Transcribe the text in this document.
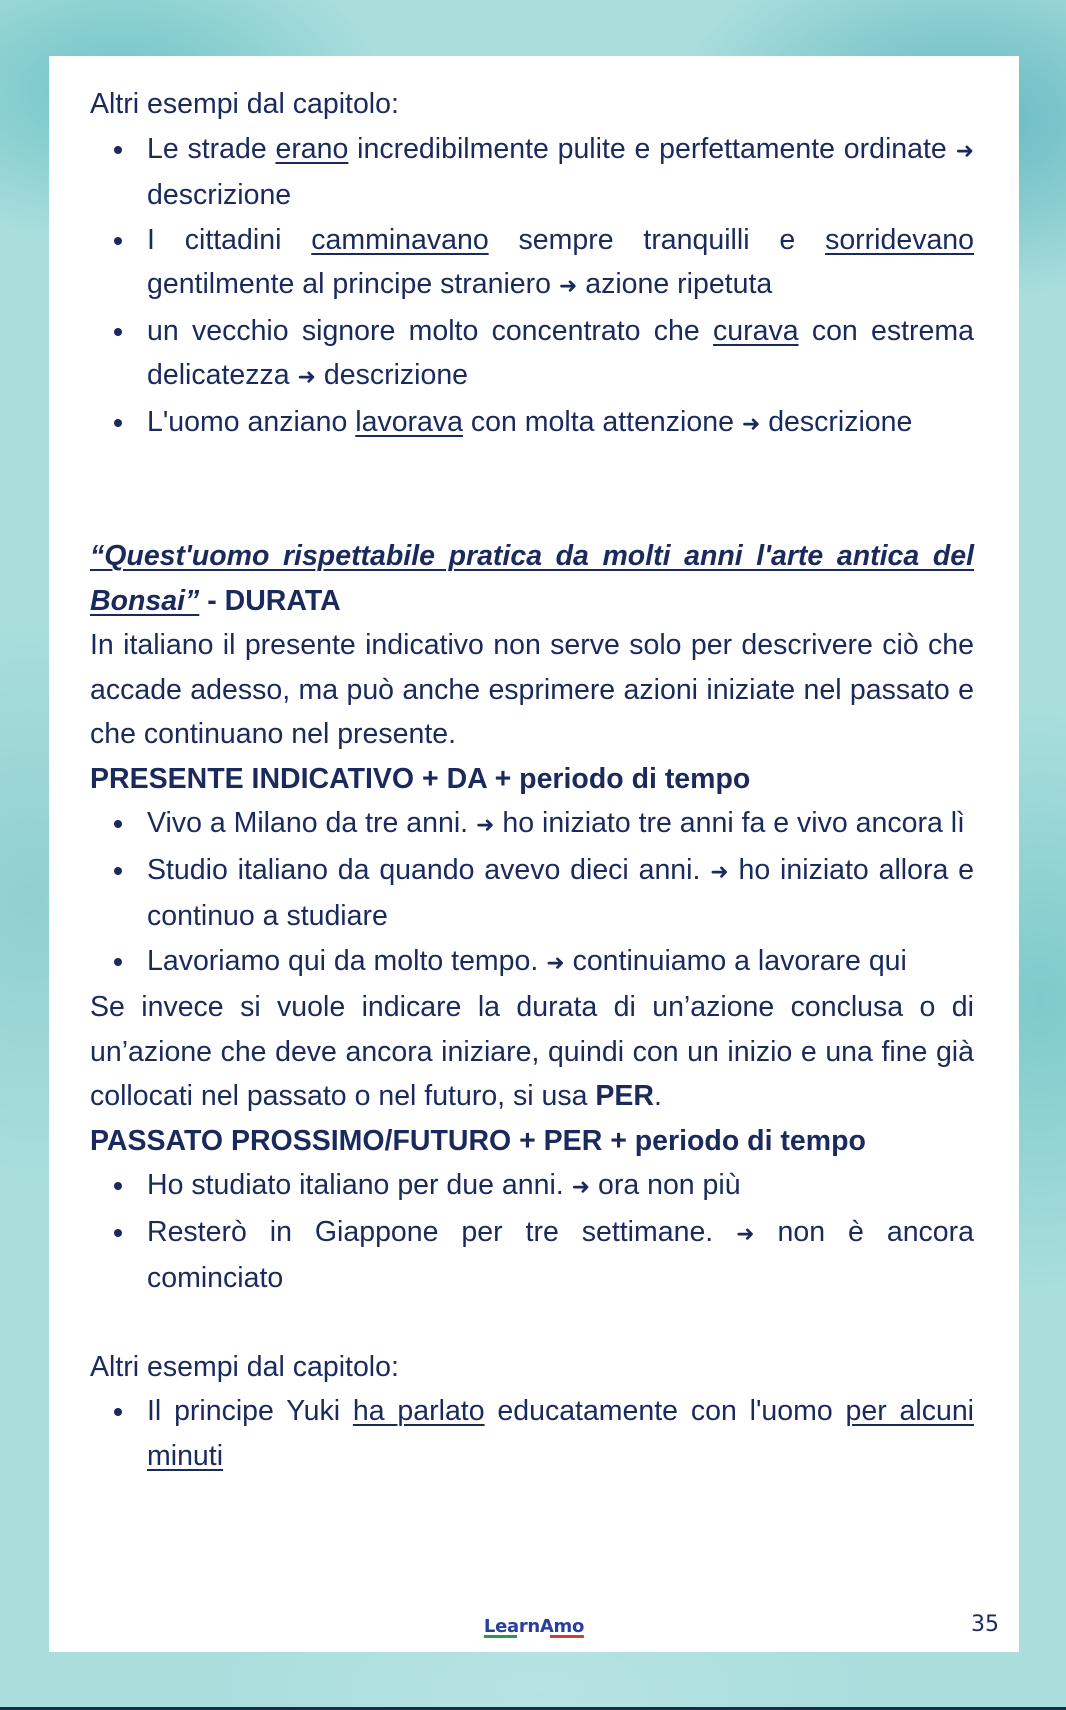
Altri esempi dal capitolo:

Le strade erano incredibilmente pulite e perfettamente ordinate ➜ descrizione
I cittadini camminavano sempre tranquilli e sorridevano gentilmente al principe straniero ➜ azione ripetuta
un vecchio signore molto concentrato che curava con estrema delicatezza ➜ descrizione
L'uomo anziano lavorava con molta attenzione ➜ descrizione

“Quest'uomo rispettabile pratica da molti anni l'arte antica del Bonsai” - DURATA

In italiano il presente indicativo non serve solo per descrivere ciò che accade adesso, ma può anche esprimere azioni iniziate nel passato e che continuano nel presente.

PRESENTE INDICATIVO + DA + periodo di tempo

Vivo a Milano da tre anni. ➜ ho iniziato tre anni fa e vivo ancora lì
Studio italiano da quando avevo dieci anni. ➜ ho iniziato allora e continuo a studiare
Lavoriamo qui da molto tempo. ➜ continuiamo a lavorare qui

Se invece si vuole indicare la durata di un’azione conclusa o di un’azione che deve ancora iniziare, quindi con un inizio e una fine già collocati nel passato o nel futuro, si usa PER.

PASSATO PROSSIMO/FUTURO + PER + periodo di tempo

Ho studiato italiano per due anni. ➜ ora non più
Resterò in Giappone per tre settimane. ➜ non è ancora cominciato

Altri esempi dal capitolo:

Il principe Yuki ha parlato educatamente con l'uomo per alcuni minuti
LearnAmo	35
